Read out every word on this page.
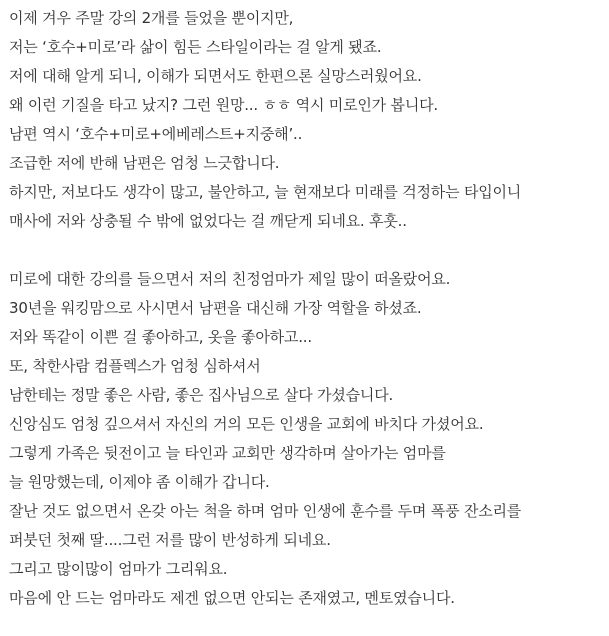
이제 겨우 주말 강의 2개를 들었을 뿐이지만,
저는 ‘호수+미로’라 삶이 힘든 스타일이라는 걸 알게 됐죠.
저에 대해 알게 되니, 이해가 되면서도 한편으론 실망스러웠어요.
왜 이런 기질을 타고 났지? 그런 원망... ㅎㅎ 역시 미로인가 봅니다.
남편 역시 ‘호수+미로+에베레스트+지중해’..
조급한 저에 반해 남편은 엄청 느긋합니다.
하지만, 저보다도 생각이 많고, 불안하고, 늘 현재보다 미래를 걱정하는 타입이니
매사에 저와 상충될 수 밖에 없었다는 걸 깨닫게 되네요. 후훗..
미로에 대한 강의를 들으면서 저의 친정엄마가 제일 많이 떠올랐어요.
30년을 워킹맘으로 사시면서 남편을 대신해 가장 역할을 하셨죠.
저와 똑같이 이쁜 걸 좋아하고, 옷을 좋아하고...
또, 착한사람 컴플렉스가 엄청 심하셔서
남한테는 정말 좋은 사람, 좋은 집사님으로 살다 가셨습니다.
신앙심도 엄청 깊으셔서 자신의 거의 모든 인생을 교회에 바치다 가셨어요.
그렇게 가족은 뒷전이고 늘 타인과 교회만 생각하며 살아가는 엄마를
늘 원망했는데, 이제야 좀 이해가 갑니다.
잘난 것도 없으면서 온갖 아는 척을 하며 엄마 인생에 훈수를 두며 폭풍 잔소리를
퍼붓던 첫째 딸....그런 저를 많이 반성하게 되네요.
그리고 많이많이 엄마가 그리워요.
마음에 안 드는 엄마라도 제겐 없으면 안되는 존재였고, 멘토였습니다.
